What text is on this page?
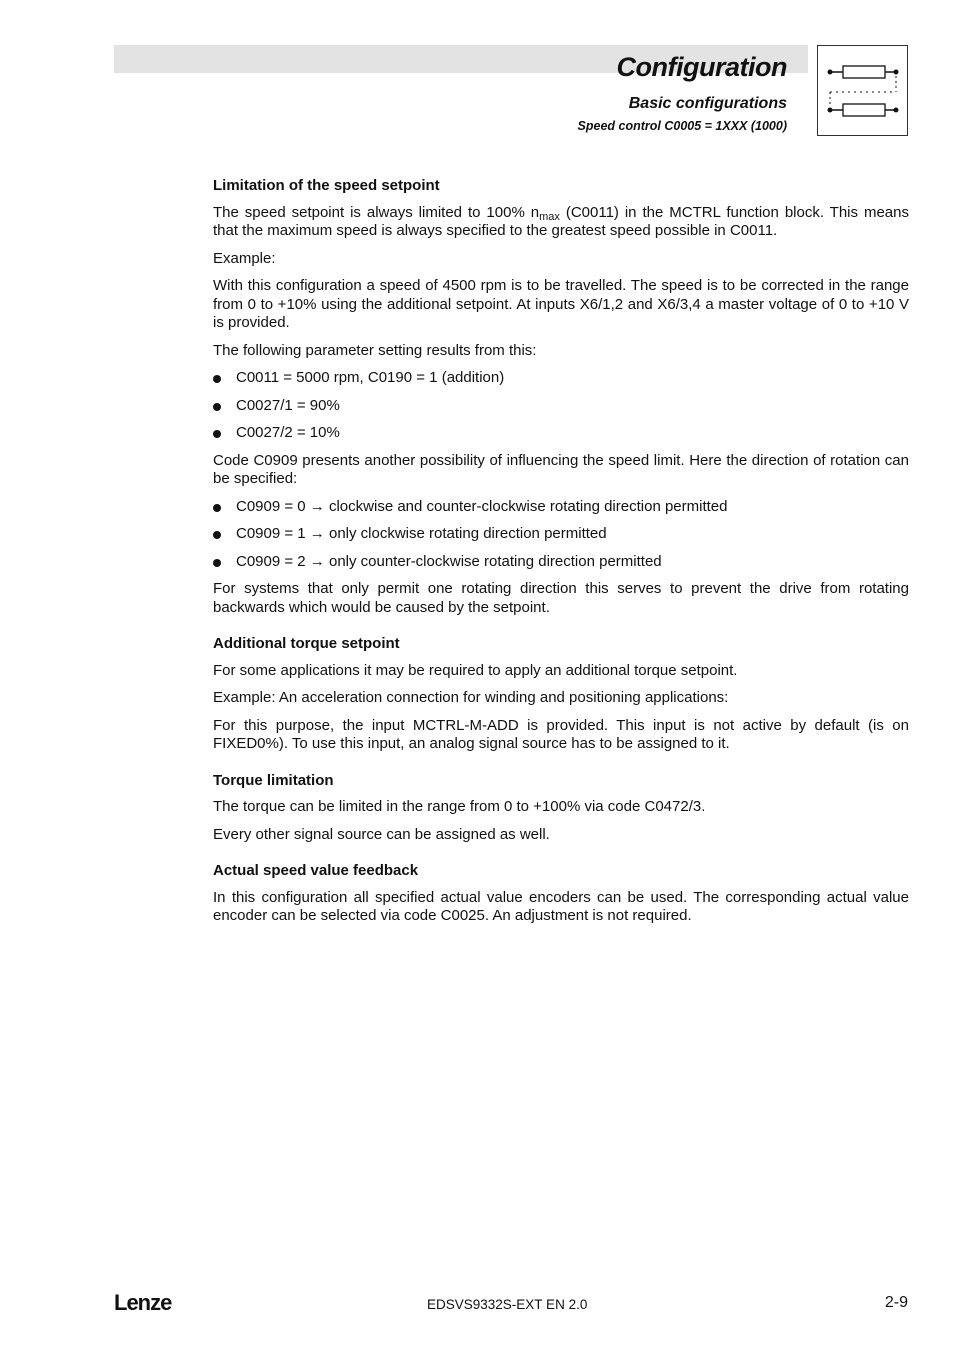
Configuration
Basic configurations
Speed control C0005 = 1XXX (1000)
Limitation of the speed setpoint

The speed setpoint is always limited to 100% $n_{max}$ (C0011) in the MCTRL function block. This means that the maximum speed is always specified to the greatest speed possible in C0011.

Example:

With this configuration a speed of 4500 rpm is to be travelled. The speed is to be corrected in the range from 0 to +10% using the additional setpoint. At inputs X6/1,2 and X6/3,4 a master voltage of 0 to +10 V is provided.

The following parameter setting results from this:

C0011 = 5000 rpm, C0190 = 1 (addition)
C0027/1 = 90%
C0027/2 = 10%

Code C0909 presents another possibility of influencing the speed limit. Here the direction of rotation can be specified:

C0909 = 0 → clockwise and counter-clockwise rotating direction permitted
C0909 = 1 → only clockwise rotating direction permitted
C0909 = 2 → only counter-clockwise rotating direction permitted

For systems that only permit one rotating direction this serves to prevent the drive from rotating backwards which would be caused by the setpoint.

Additional torque setpoint

For some applications it may be required to apply an additional torque setpoint.

Example: An acceleration connection for winding and positioning applications:

For this purpose, the input MCTRL-M-ADD is provided. This input is not active by default (is on FIXED0%). To use this input, an analog signal source has to be assigned to it.

Torque limitation

The torque can be limited in the range from 0 to +100% via code C0472/3.

Every other signal source can be assigned as well.

Actual speed value feedback

In this configuration all specified actual value encoders can be used. The corresponding actual value encoder can be selected via code C0025. An adjustment is not required.

Lenze	EDSVS9332S-EXT EN 2.0	2-9
